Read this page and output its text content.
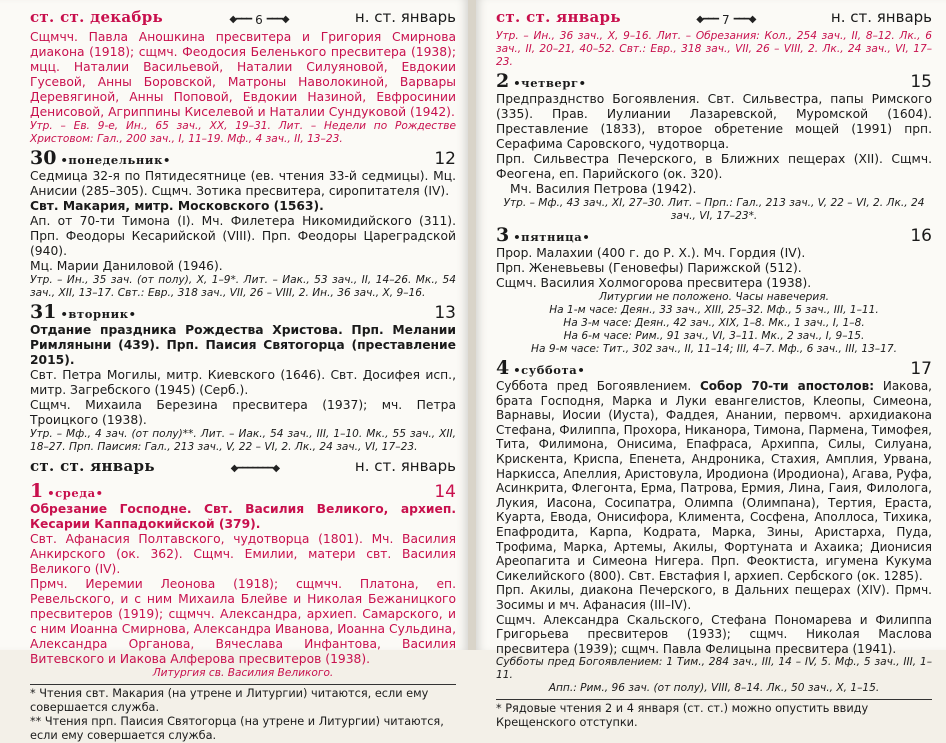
ст. ст. декабрь	◆━━━ 6 ━━━◆	н. ст. январь

Сщмчч. Павла Аношкина пресвитера и Григория Смирнова диакона (1918); сщмч. Феодосия Беленького пресвитера (1938); мцц. Наталии Васильевой, Наталии Силуяновой, Евдокии Гусевой, Анны Боровской, Матроны Наволокиной, Варвары Деревягиной, Анны Поповой, Евдокии Назиной, Евфросинии Денисовой, Агриппины Киселевой и Наталии Сундуковой (1942).

Утр. – Ев. 9-е, Ин., 65 зач., XX, 19–31. Лит. – Недели по Рождестве Христовом: Гал., 200 зач., I, 11–19. Мф., 4 зач., II, 13–23.

30 •понедельник•	12

Седмица 32-я по Пятидесятнице (ев. чтения 33-й седмицы). Мц. Анисии (285–305). Сщмч. Зотика пресвитера, сиропитателя (IV).

Свт. Макария, митр. Московского (1563).

Ап. от 70-ти Тимона (I). Мч. Филетера Никомидийского (311). Прп. Феодоры Кесарийской (VIII). Прп. Феодоры Цареградской (940).

Мц. Марии Даниловой (1946).

Утр. – Ин., 35 зач. (от полу), X, 1–9*. Лит. – Иак., 53 зач., II, 14–26. Мк., 54 зач., XII, 13–17. Свт.: Евр., 318 зач., VII, 26 – VIII, 2. Ин., 36 зач., X, 9–16.

31 •вторник•	13

Отдание праздника Рождества Христова. Прп. Мелании Римляныни (439). Прп. Паисия Святогорца (преставление 2015).

Свт. Петра Могилы, митр. Киевского (1646). Свт. Досифея исп., митр. Загребского (1945) (Серб.).

Сщмч. Михаила Березина пресвитера (1937); мч. Петра Троицкого (1938).

Утр. – Мф., 4 зач. (от полу)**. Лит. – Иак., 54 зач., III, 1–10. Мк., 55 зач., XII, 18–27. Прп. Паисия: Гал., 213 зач., V, 22 – VI, 2. Лк., 24 зач., VI, 17–23.

ст. ст. январь	◆━━━━━━━◆	н. ст. январь
1 •среда•	14

Обрезание Господне. Свт. Василия Великого, архиеп. Кесарии Каппадокийской (379).

Свт. Афанасия Полтавского, чудотворца (1801). Мч. Василия Анкирского (ок. 362). Сщмч. Емилии, матери свт. Василия Великого (IV).

Прмч. Иеремии Леонова (1918); сщмчч. Платона, еп. Ревельского, и с ним Михаила Блейве и Николая Бежаницкого пресвитеров (1919); сщмчч. Александра, архиеп. Самарского, и с ним Иоанна Смирнова, Александра Иванова, Иоанна Сульдина, Александра Органова, Вячеслава Инфантова, Василия Витевского и Иакова Алферова пресвитеров (1938).

Литургия св. Василия Великого.

* Чтения свт. Макария (на утрене и Литургии) читаются, если ему совершается служба.

** Чтения прп. Паисия Святогорца (на утрене и Литургии) читаются, если ему совершается служба.

ст. ст. январь	◆━━━ 7 ━━━◆	н. ст. январь

Утр. – Ин., 36 зач., X, 9–16. Лит. – Обрезания: Кол., 254 зач., II, 8–12. Лк., 6 зач., II, 20–21, 40–52. Свт.: Евр., 318 зач., VII, 26 – VIII, 2. Лк., 24 зач., VI, 17–23.

2 •четверг•	15

Предпразднство Богоявления. Свт. Сильвестра, папы Римского (335). Прав. Иулиании Лазаревской, Муромской (1604). Преставление (1833), второе обретение мощей (1991) прп. Серафима Саровского, чудотворца.

Прп. Сильвестра Печерского, в Ближних пещерах (XII). Сщмч. Феогена, еп. Парийского (ок. 320).

Мч. Василия Петрова (1942).

Утр. – Мф., 43 зач., XI, 27–30. Лит. – Прп.: Гал., 213 зач., V, 22 – VI, 2. Лк., 24 зач., VI, 17–23*.

3 •пятница•	16

Прор. Малахии (400 г. до Р. Х.). Мч. Гордия (IV).

Прп. Женевьевы (Геновефы) Парижской (512).

Сщмч. Василия Холмогорова пресвитера (1938).

Литургии не положено. Часы навечерия.

На 1-м часе: Деян., 33 зач., XIII, 25–32. Мф., 5 зач., III, 1–11.

На 3-м часе: Деян., 42 зач., XIX, 1–8. Мк., 1 зач., I, 1–8.

На 6-м часе: Рим., 91 зач., VI, 3–11. Мк., 2 зач., I, 9–15.

На 9-м часе: Тит., 302 зач., II, 11–14; III, 4–7. Мф., 6 зач., III, 13–17.

4 •суббота•	17

Суббота пред Богоявлением. Собор 70-ти апостолов: Иакова, брата Господня, Марка и Луки евангелистов, Клеопы, Симеона, Варнавы, Иосии (Иуста), Фаддея, Анании, первомч. архидиакона Стефана, Филиппа, Прохора, Никанора, Тимона, Пармена, Тимофея, Тита, Филимона, Онисима, Епафраса, Архиппа, Силы, Силуана, Крискента, Криспа, Епенета, Андроника, Стахия, Амплия, Урвана, Наркисса, Апеллия, Аристовула, Иродиона (Иродиона), Агава, Руфа, Асинкрита, Флегонта, Ерма, Патрова, Ермия, Лина, Гаия, Филолога, Лукия, Иасона, Сосипатра, Олимпа (Олимпана), Тертия, Ераста, Куарта, Евода, Онисифора, Климента, Сосфена, Аполлоса, Тихика, Епафродита, Карпа, Кодрата, Марка, Зины, Аристарха, Пуда, Трофима, Марка, Артемы, Акилы, Фортуната и Ахаика; Дионисия Ареопагита и Симеона Нигера. Прп. Феоктиста, игумена Кукума Сикелийского (800). Свт. Евстафия I, архиеп. Сербского (ок. 1285).

Прп. Акилы, диакона Печерского, в Дальних пещерах (XIV). Прмч. Зосимы и мч. Афанасия (III–IV).

Сщмч. Александра Скальского, Стефана Пономарева и Филиппа Григорьева пресвитеров (1933); сщмч. Николая Маслова пресвитера (1939); сщмч. Павла Фелицына пресвитера (1941).

Субботы пред Богоявлением: 1 Тим., 284 зач., III, 14 – IV, 5. Мф., 5 зач., III, 1–11.

Апп.: Рим., 96 зач. (от полу), VIII, 8–14. Лк., 50 зач., X, 1–15.

* Рядовые чтения 2 и 4 января (ст. ст.) можно опустить ввиду Крещенского отступки.
